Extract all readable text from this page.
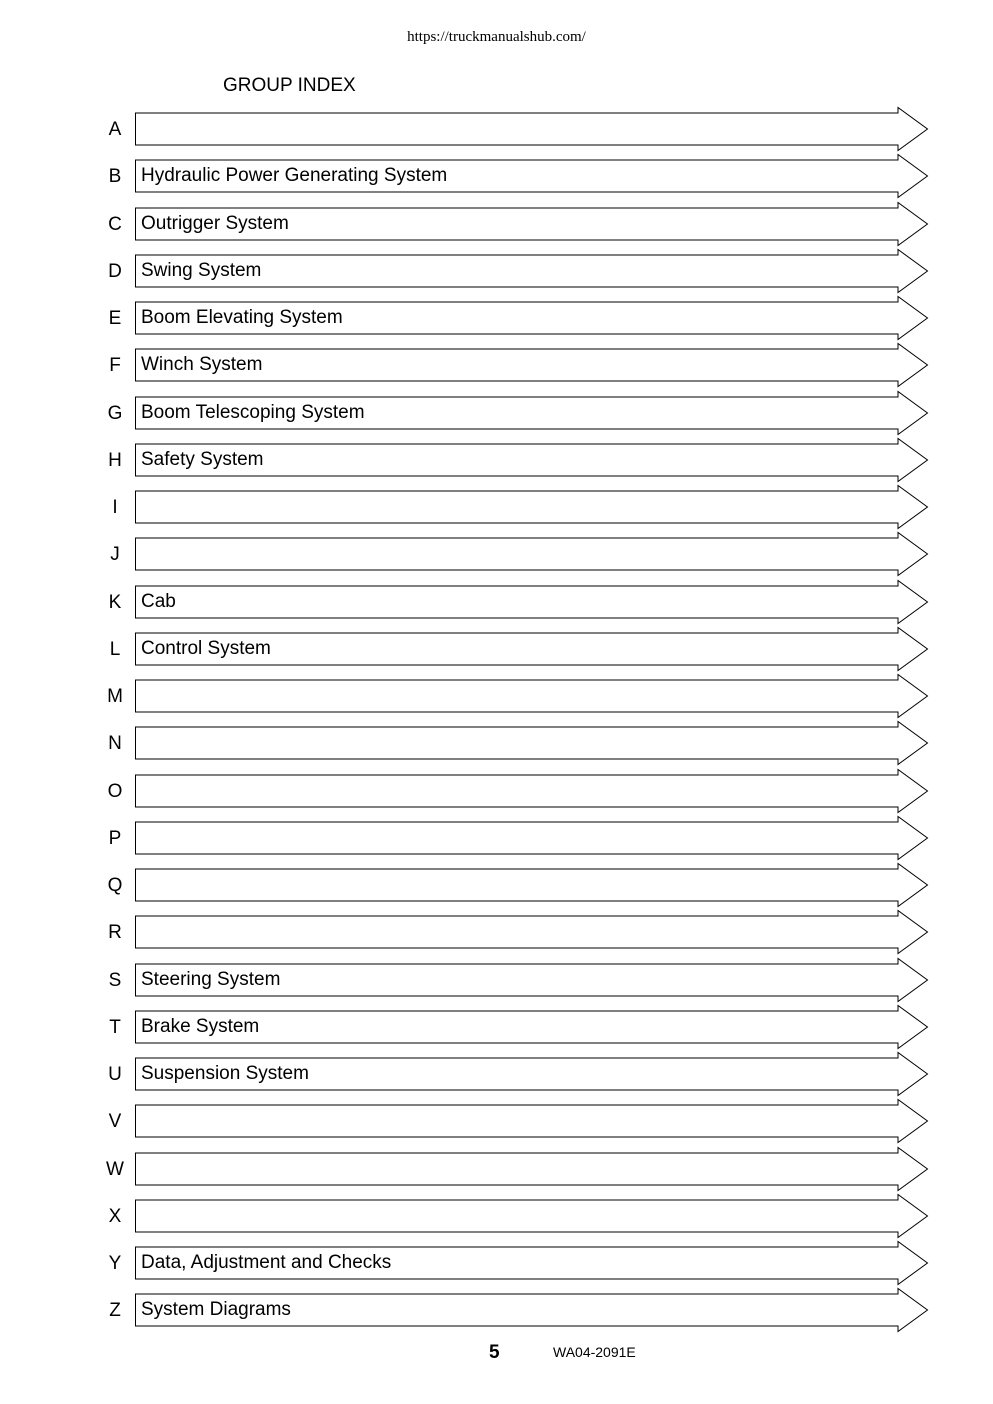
https://truckmanualshub.com/
GROUP INDEX
A
B	Hydraulic Power Generating System
C	Outrigger System
D	Swing System
E	Boom Elevating System
F	Winch System
G Boom Telescoping System
H	Safety System
I
J
K	Cab
L	Control System
M
N
O
P
Q
R
S	Steering System
T	Brake System
U	Suspension System
V
W
X
Y	Data, Adjustment and Checks
Z	System Diagrams
5	WA04-2091E
